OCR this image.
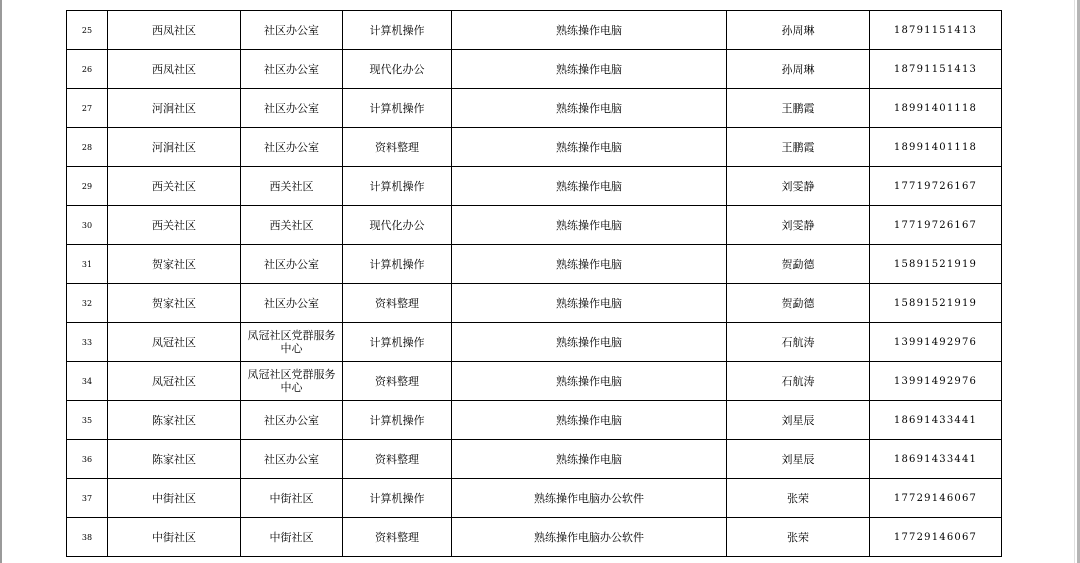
25	西凤社区	社区办公室	计算机操作	熟练操作电脑	孙周琳	18791151413
26	西凤社区	社区办公室	现代化办公	熟练操作电脑	孙周琳	18791151413
27	河涧社区	社区办公室	计算机操作	熟练操作电脑	王鹏霞	18991401118
28	河涧社区	社区办公室	资料整理	熟练操作电脑	王鹏霞	18991401118
29	西关社区	西关社区	计算机操作	熟练操作电脑	刘雯静	17719726167
30	西关社区	西关社区	现代化办公	熟练操作电脑	刘雯静	17719726167
31	贺家社区	社区办公室	计算机操作	熟练操作电脑	贺勐德	15891521919
32	贺家社区	社区办公室	资料整理	熟练操作电脑	贺勐德	15891521919
33	凤冠社区	凤冠社区党群服务中心	计算机操作	熟练操作电脑	石航涛	13991492976
34	凤冠社区	凤冠社区党群服务中心	资料整理	熟练操作电脑	石航涛	13991492976
35	陈家社区	社区办公室	计算机操作	熟练操作电脑	刘星辰	18691433441
36	陈家社区	社区办公室	资料整理	熟练操作电脑	刘星辰	18691433441
37	中街社区	中街社区	计算机操作	熟练操作电脑办公软件	张荣	17729146067
38	中街社区	中街社区	资料整理	熟练操作电脑办公软件	张荣	17729146067
